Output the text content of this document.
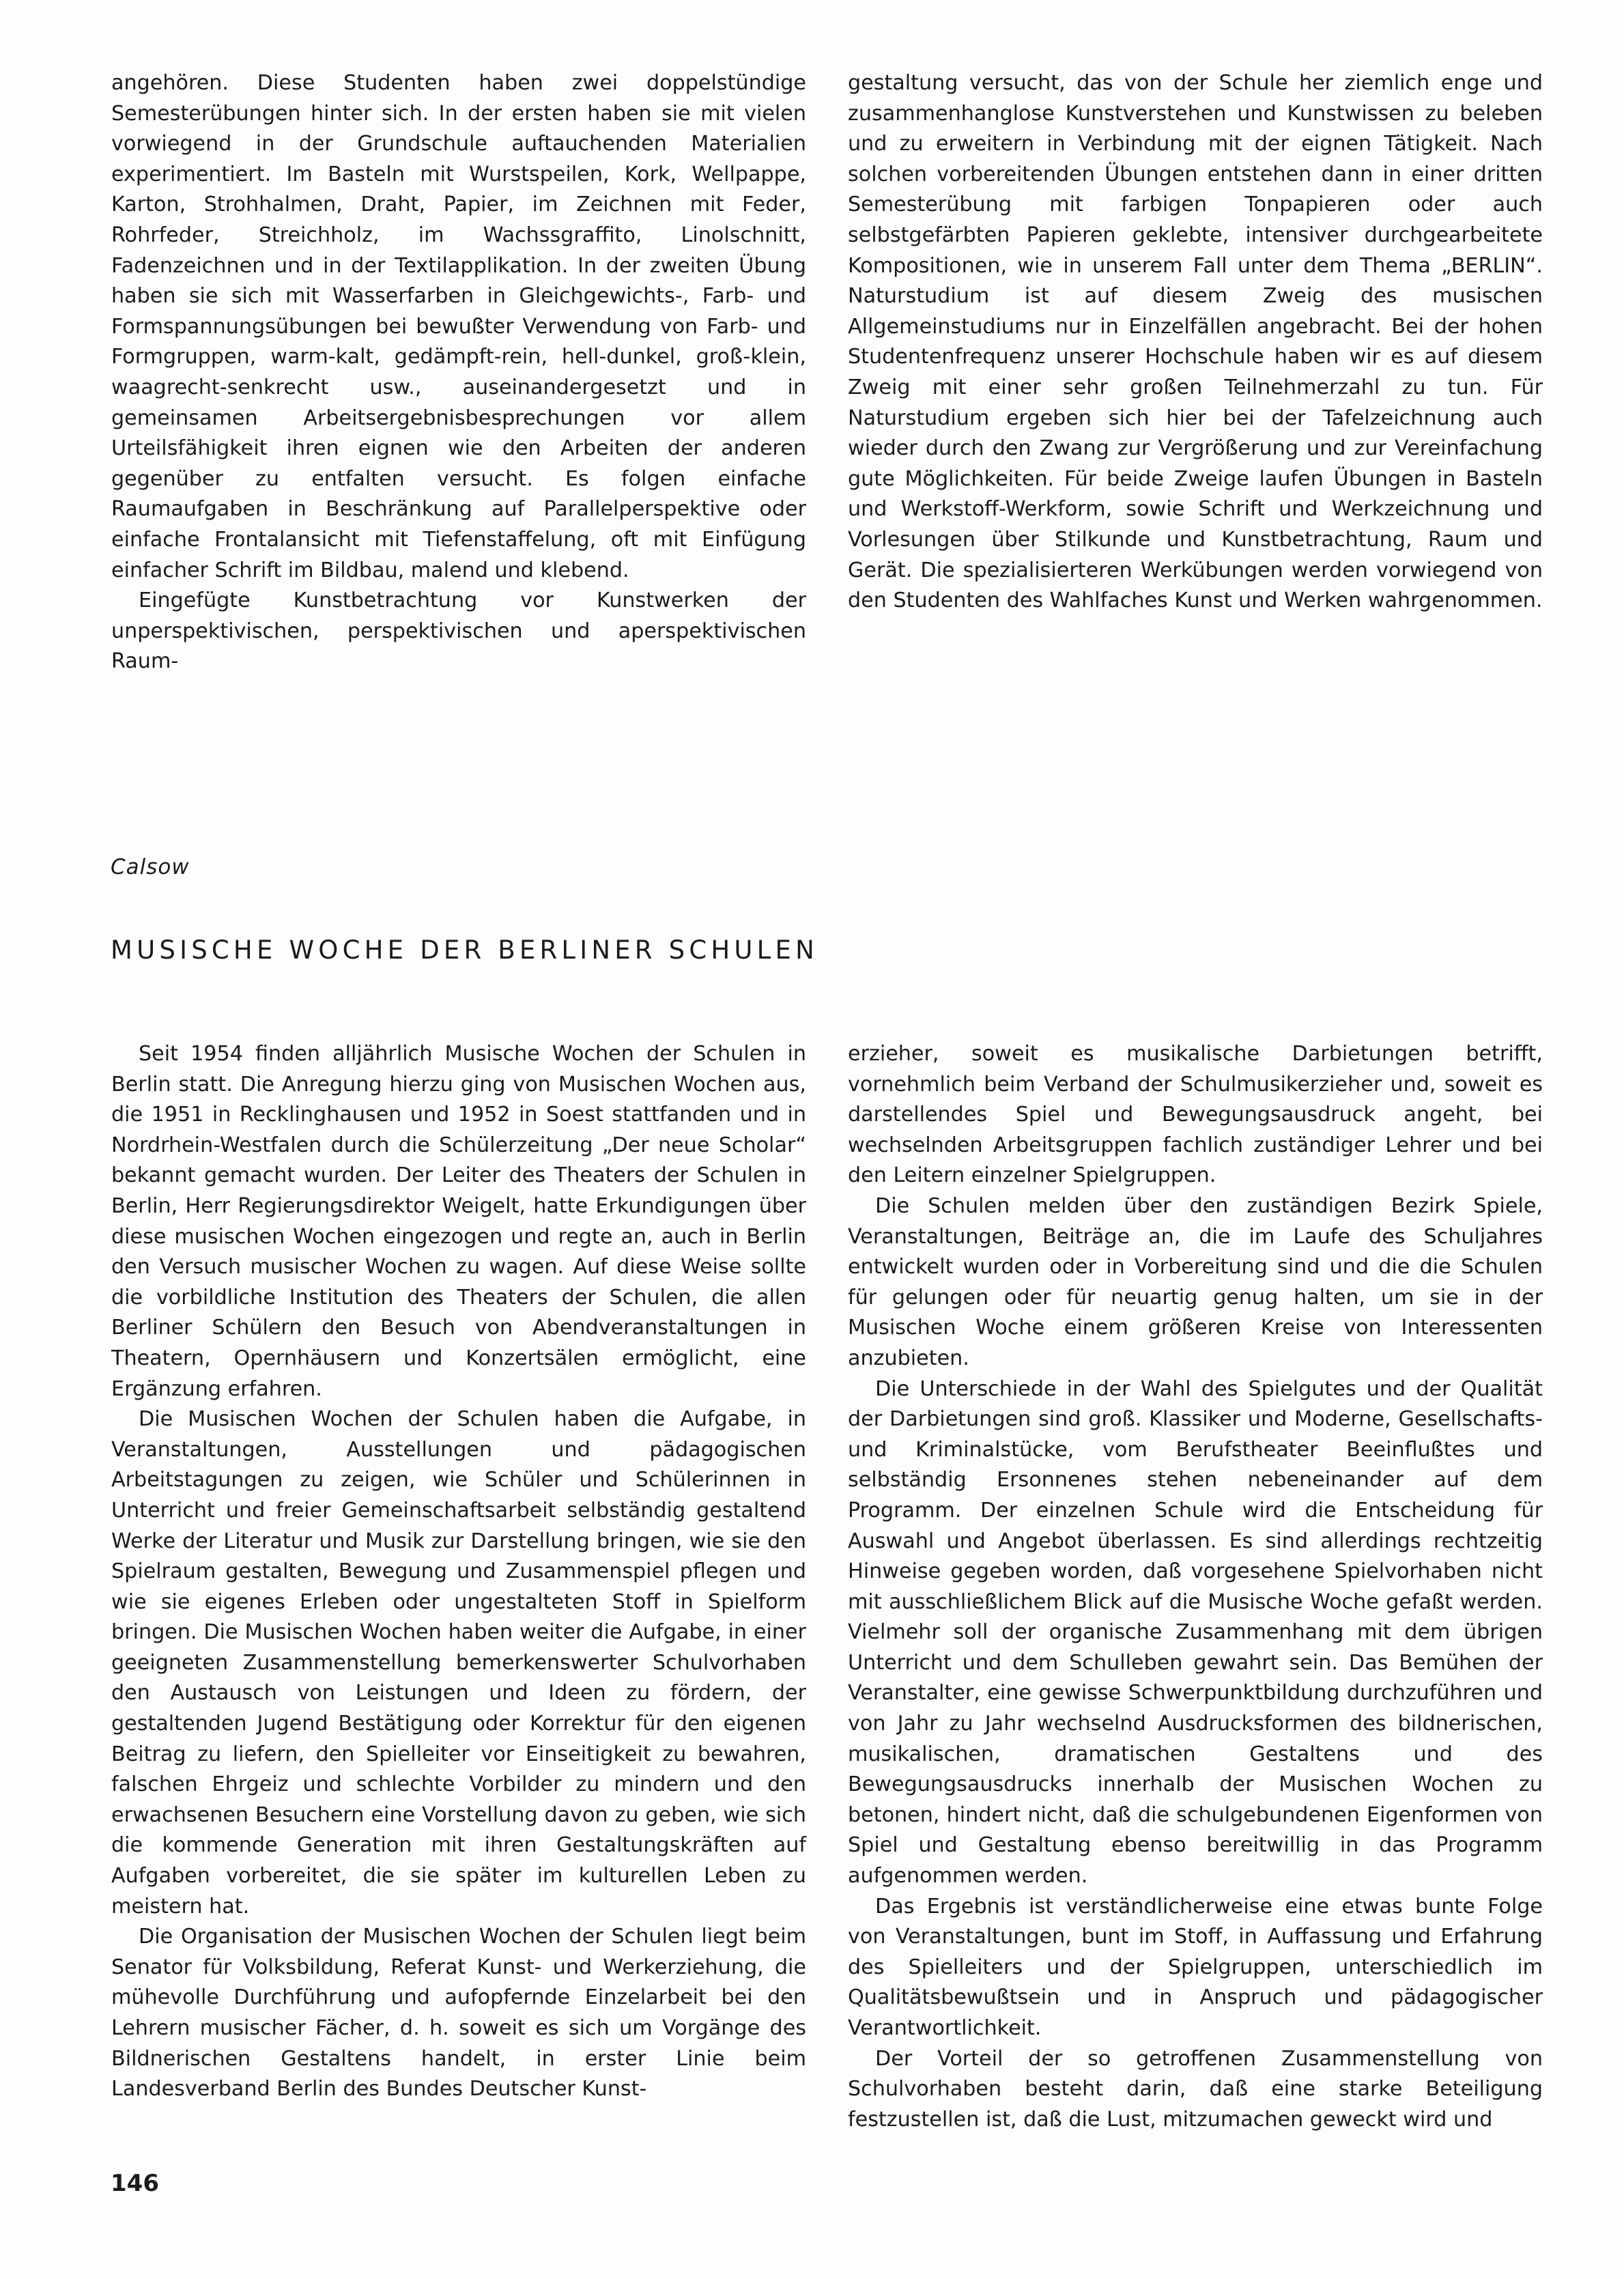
angehören. Diese Studenten haben zwei doppelstündige Semesterübungen hinter sich. In der ersten haben sie mit vielen vorwiegend in der Grundschule auftauchenden Materialien experimentiert. Im Basteln mit Wurstspeilen, Kork, Wellpappe, Karton, Strohhalmen, Draht, Papier, im Zeichnen mit Feder, Rohrfeder, Streichholz, im Wachssgraffito, Linolschnitt, Fadenzeichnen und in der Textilapplikation. In der zweiten Übung haben sie sich mit Wasserfarben in Gleichgewichts-, Farb- und Formspannungsübungen bei bewußter Verwendung von Farb- und Formgruppen, warm-kalt, gedämpft-rein, hell-dunkel, groß-klein, waagrecht-senkrecht usw., auseinandergesetzt und in gemeinsamen Arbeitsergebnisbesprechungen vor allem Urteilsfähigkeit ihren eignen wie den Arbeiten der anderen gegenüber zu entfalten versucht. Es folgen einfache Raumaufgaben in Beschränkung auf Parallelperspektive oder einfache Frontalansicht mit Tiefenstaffelung, oft mit Einfügung einfacher Schrift im Bildbau, malend und klebend.

Eingefügte Kunstbetrachtung vor Kunstwerken der unperspektivischen, perspektivischen und aperspektivischen Raum-

gestaltung versucht, das von der Schule her ziemlich enge und zusammenhanglose Kunstverstehen und Kunstwissen zu beleben und zu erweitern in Verbindung mit der eignen Tätigkeit. Nach solchen vorbereitenden Übungen entstehen dann in einer dritten Semesterübung mit farbigen Tonpapieren oder auch selbstgefärbten Papieren geklebte, intensiver durchgearbeitete Kompositionen, wie in unserem Fall unter dem Thema „BERLIN“. Naturstudium ist auf diesem Zweig des musischen Allgemeinstudiums nur in Einzelfällen angebracht. Bei der hohen Studentenfrequenz unserer Hochschule haben wir es auf diesem Zweig mit einer sehr großen Teilnehmerzahl zu tun. Für Naturstudium ergeben sich hier bei der Tafelzeichnung auch wieder durch den Zwang zur Vergrößerung und zur Vereinfachung gute Möglichkeiten. Für beide Zweige laufen Übungen in Basteln und Werkstoff-Werkform, sowie Schrift und Werkzeichnung und Vorlesungen über Stilkunde und Kunstbetrachtung, Raum und Gerät. Die spezialisierteren Werkübungen werden vorwiegend von den Studenten des Wahlfaches Kunst und Werken wahrgenommen.

Calsow
MUSISCHE WOCHE DER BERLINER SCHULEN

Seit 1954 finden alljährlich Musische Wochen der Schulen in Berlin statt. Die Anregung hierzu ging von Musischen Wochen aus, die 1951 in Recklinghausen und 1952 in Soest stattfanden und in Nordrhein-Westfalen durch die Schülerzeitung „Der neue Scholar“ bekannt gemacht wurden. Der Leiter des Theaters der Schulen in Berlin, Herr Regierungsdirektor Weigelt, hatte Erkundigungen über diese musischen Wochen eingezogen und regte an, auch in Berlin den Versuch musischer Wochen zu wagen. Auf diese Weise sollte die vorbildliche Institution des Theaters der Schulen, die allen Berliner Schülern den Besuch von Abendveranstaltungen in Theatern, Opernhäusern und Konzertsälen ermöglicht, eine Ergänzung erfahren.

Die Musischen Wochen der Schulen haben die Aufgabe, in Veranstaltungen, Ausstellungen und pädagogischen Arbeitstagungen zu zeigen, wie Schüler und Schülerinnen in Unterricht und freier Gemeinschaftsarbeit selbständig gestaltend Werke der Literatur und Musik zur Darstellung bringen, wie sie den Spielraum gestalten, Bewegung und Zusammenspiel pflegen und wie sie eigenes Erleben oder ungestalteten Stoff in Spielform bringen. Die Musischen Wochen haben weiter die Aufgabe, in einer geeigneten Zusammenstellung bemerkenswerter Schulvorhaben den Austausch von Leistungen und Ideen zu fördern, der gestaltenden Jugend Bestätigung oder Korrektur für den eigenen Beitrag zu liefern, den Spielleiter vor Einseitigkeit zu bewahren, falschen Ehrgeiz und schlechte Vorbilder zu mindern und den erwachsenen Besuchern eine Vorstellung davon zu geben, wie sich die kommende Generation mit ihren Gestaltungskräften auf Aufgaben vorbereitet, die sie später im kulturellen Leben zu meistern hat.

Die Organisation der Musischen Wochen der Schulen liegt beim Senator für Volksbildung, Referat Kunst- und Werkerziehung, die mühevolle Durchführung und aufopfernde Einzelarbeit bei den Lehrern musischer Fächer, d. h. soweit es sich um Vorgänge des Bildnerischen Gestaltens handelt, in erster Linie beim Landesverband Berlin des Bundes Deutscher Kunst-

erzieher, soweit es musikalische Darbietungen betrifft, vornehmlich beim Verband der Schulmusikerzieher und, soweit es darstellendes Spiel und Bewegungsausdruck angeht, bei wechselnden Arbeitsgruppen fachlich zuständiger Lehrer und bei den Leitern einzelner Spielgruppen.

Die Schulen melden über den zuständigen Bezirk Spiele, Veranstaltungen, Beiträge an, die im Laufe des Schuljahres entwickelt wurden oder in Vorbereitung sind und die die Schulen für gelungen oder für neuartig genug halten, um sie in der Musischen Woche einem größeren Kreise von Interessenten anzubieten.

Die Unterschiede in der Wahl des Spielgutes und der Qualität der Darbietungen sind groß. Klassiker und Moderne, Gesellschafts- und Kriminalstücke, vom Berufstheater Beeinflußtes und selbständig Ersonnenes stehen nebeneinander auf dem Programm. Der einzelnen Schule wird die Entscheidung für Auswahl und Angebot überlassen. Es sind allerdings rechtzeitig Hinweise gegeben worden, daß vorgesehene Spielvorhaben nicht mit ausschließlichem Blick auf die Musische Woche gefaßt werden. Vielmehr soll der organische Zusammenhang mit dem übrigen Unterricht und dem Schulleben gewahrt sein. Das Bemühen der Veranstalter, eine gewisse Schwerpunktbildung durchzuführen und von Jahr zu Jahr wechselnd Ausdrucksformen des bildnerischen, musikalischen, dramatischen Gestaltens und des Bewegungsausdrucks innerhalb der Musischen Wochen zu betonen, hindert nicht, daß die schulgebundenen Eigenformen von Spiel und Gestaltung ebenso bereitwillig in das Programm aufgenommen werden.

Das Ergebnis ist verständlicherweise eine etwas bunte Folge von Veranstaltungen, bunt im Stoff, in Auffassung und Erfahrung des Spielleiters und der Spielgruppen, unterschiedlich im Qualitätsbewußtsein und in Anspruch und pädagogischer Verantwortlichkeit.

Der Vorteil der so getroffenen Zusammenstellung von Schulvorhaben besteht darin, daß eine starke Beteiligung festzustellen ist, daß die Lust, mitzumachen geweckt wird und

146
